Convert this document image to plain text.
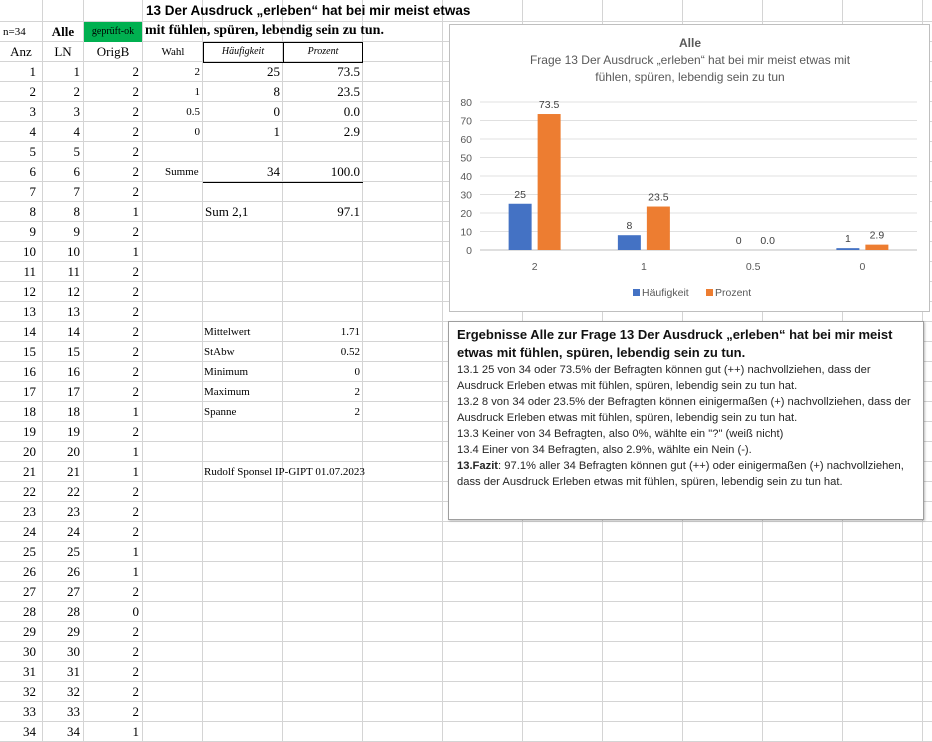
13 Der Ausdruck „erleben“ hat bei mir meist etwas
n=34	Alle	geprüft-ok mit fühlen, spüren, lebendig sein zu tun.
Anz	LN	OrigB	Wahl	Häufigkeit	Prozent
1	1	2
2	2	2
3	3	2
4	4	2
5	5	2
6	6	2
7	7	2
8	8	1
9	9	2
10	10	1
11	11	2
12	12	2
13	13	2
14	14	2
15	15	2
16	16	2
17	17	2
18	18	1
19	19	2
20	20	1
21	21	1
22	22	2
23	23	2
24	24	2
25	25	1
26	26	1
27	27	2
28	28	0
29	29	2
30	30	2
31	31	2
32	32	2
33	33	2
34	34	1
2	25	73.5
1	8	23.5
0.5	0	0.0
0	1	2.9
Summe	34	100.0
Sum 2,1	97.1
Mittelwert	1.71
StAbw	0.52
Minimum	0
Maximum	2
Spanne	2
Rudolf Sponsel IP-GIPT 01.07.2023
Alle
Frage 13 Der Ausdruck „erleben“ hat bei mir meist etwas mit
fühlen, spüren, lebendig sein zu tun
0
10
20
30
40
50
60
70
80
25
73.5
2
8
23.5
1
0 0.0
0.5
1 2.9
0
Häufigkeit	Prozent
Ergebnisse Alle zur Frage 13 Der Ausdruck „erleben“ hat bei mir meist etwas mit fühlen, spüren, lebendig sein zu tun.
13.1 25 von 34 oder 73.5% der Befragten können gut (++) nachvollziehen, dass der Ausdruck Erleben etwas mit fühlen, spüren, lebendig sein zu tun hat.
13.2 8 von 34 oder 23.5% der Befragten können einigermaßen (+) nachvollziehen, dass der Ausdruck Erleben etwas mit fühlen, spüren, lebendig sein zu tun hat.
13.3 Keiner von 34 Befragten, also 0%, wählte ein "?" (weiß nicht)
13.4 Einer von 34 Befragten, also 2.9%, wählte ein Nein (-).
13.Fazit: 97.1% aller 34 Befragten können gut (++) oder einigermaßen (+) nachvollziehen, dass der Ausdruck Erleben etwas mit fühlen, spüren, lebendig sein zu tun hat.
